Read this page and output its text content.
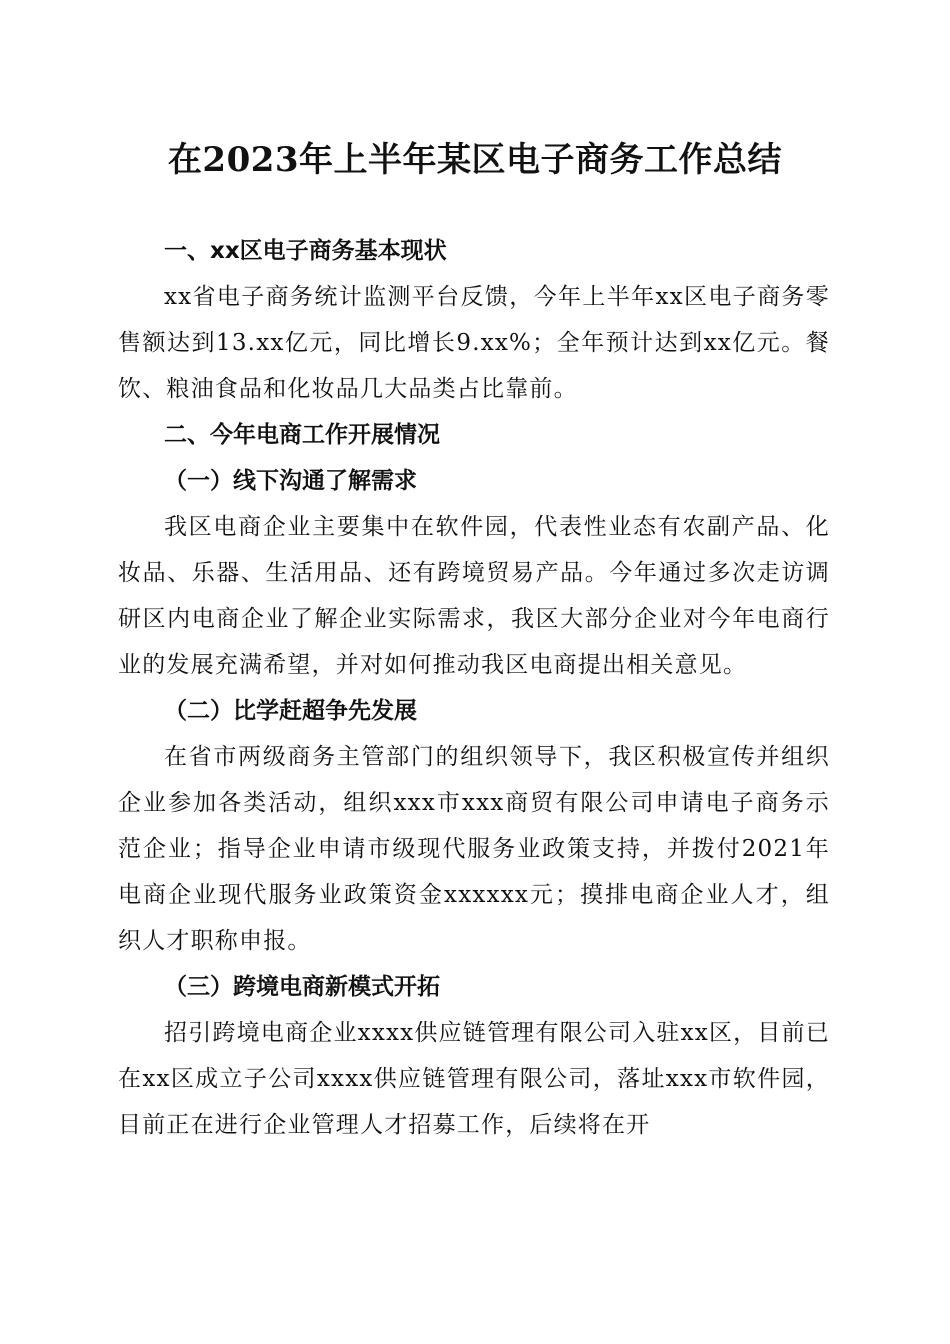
在2023年上半年某区电子商务工作总结

一、xx区电子商务基本现状

xx省电子商务统计监测平台反馈，今年上半年xx区电子商务零售额达到13.xx亿元，同比增长9.xx%；全年预计达到xx亿元。餐饮、粮油食品和化妆品几大品类占比靠前。

二、今年电商工作开展情况

（一）线下沟通了解需求

我区电商企业主要集中在软件园，代表性业态有农副产品、化妆品、乐器、生活用品、还有跨境贸易产品。今年通过多次走访调研区内电商企业了解企业实际需求，我区大部分企业对今年电商行业的发展充满希望，并对如何推动我区电商提出相关意见。

（二）比学赶超争先发展

在省市两级商务主管部门的组织领导下，我区积极宣传并组织企业参加各类活动，组织xxx市xxx商贸有限公司申请电子商务示范企业；指导企业申请市级现代服务业政策支持，并拨付2021年电商企业现代服务业政策资金xxxxxx元；摸排电商企业人才，组织人才职称申报。

（三）跨境电商新模式开拓

招引跨境电商企业xxxx供应链管理有限公司入驻xx区，目前已在xx区成立子公司xxxx供应链管理有限公司，落址xxx市软件园，目前正在进行企业管理人才招募工作，后续将在开
